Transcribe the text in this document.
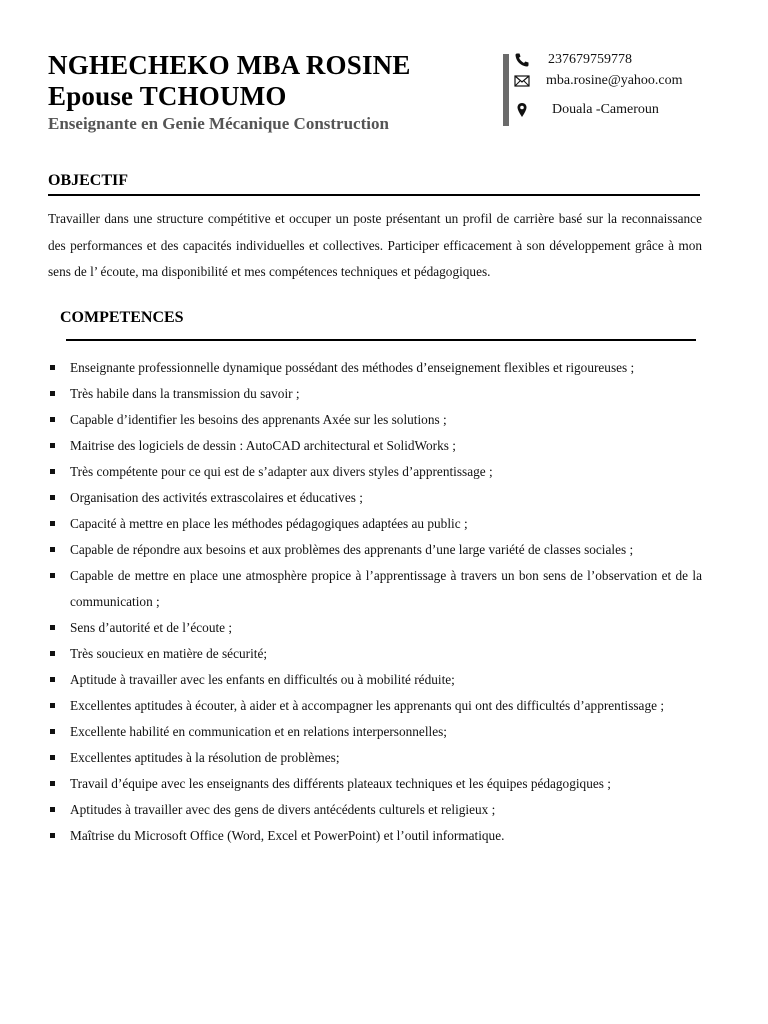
NGHECHEKO MBA ROSINE
Epouse TCHOUMO
Enseignante en Genie Mécanique Construction
237679759778
mba.rosine@yahoo.com
Douala -Cameroun
OBJECTIF
Travailler dans une structure compétitive et occuper un poste présentant un profil de carrière basé sur la reconnaissance des performances et des capacités individuelles et collectives. Participer efficacement à son développement grâce à mon sens de l’ écoute, ma disponibilité et mes compétences techniques et pédagogiques.
COMPETENCES
Enseignante professionnelle dynamique possédant des méthodes d’enseignement flexibles et rigoureuses ;
Très habile dans la transmission du savoir ;
Capable d’identifier les besoins des apprenants Axée sur les solutions ;
Maitrise des logiciels de dessin : AutoCAD architectural et SolidWorks ;
Très compétente pour ce qui est de s’adapter aux divers styles d’apprentissage ;
Organisation des activités extrascolaires et éducatives ;
Capacité à mettre en place les méthodes pédagogiques adaptées au public ;
Capable de répondre aux besoins et aux problèmes des apprenants d’une large variété de classes sociales ;
Capable de mettre en place une atmosphère propice à l’apprentissage à travers un bon sens de l’observation et de la communication ;
Sens d’autorité et de l’écoute ;
Très soucieux en matière de sécurité;
Aptitude à travailler avec les enfants en difficultés ou à mobilité réduite;
Excellentes aptitudes à écouter, à aider et à accompagner les apprenants qui ont des difficultés d’apprentissage ;
Excellente habilité en communication et en relations interpersonnelles;
Excellentes aptitudes à la résolution de problèmes;
Travail d’équipe avec les enseignants des différents plateaux techniques et les équipes pédagogiques ;
Aptitudes à travailler avec des gens de divers antécédents culturels et religieux ;
Maîtrise du Microsoft Office (Word, Excel et PowerPoint) et l’outil informatique.
